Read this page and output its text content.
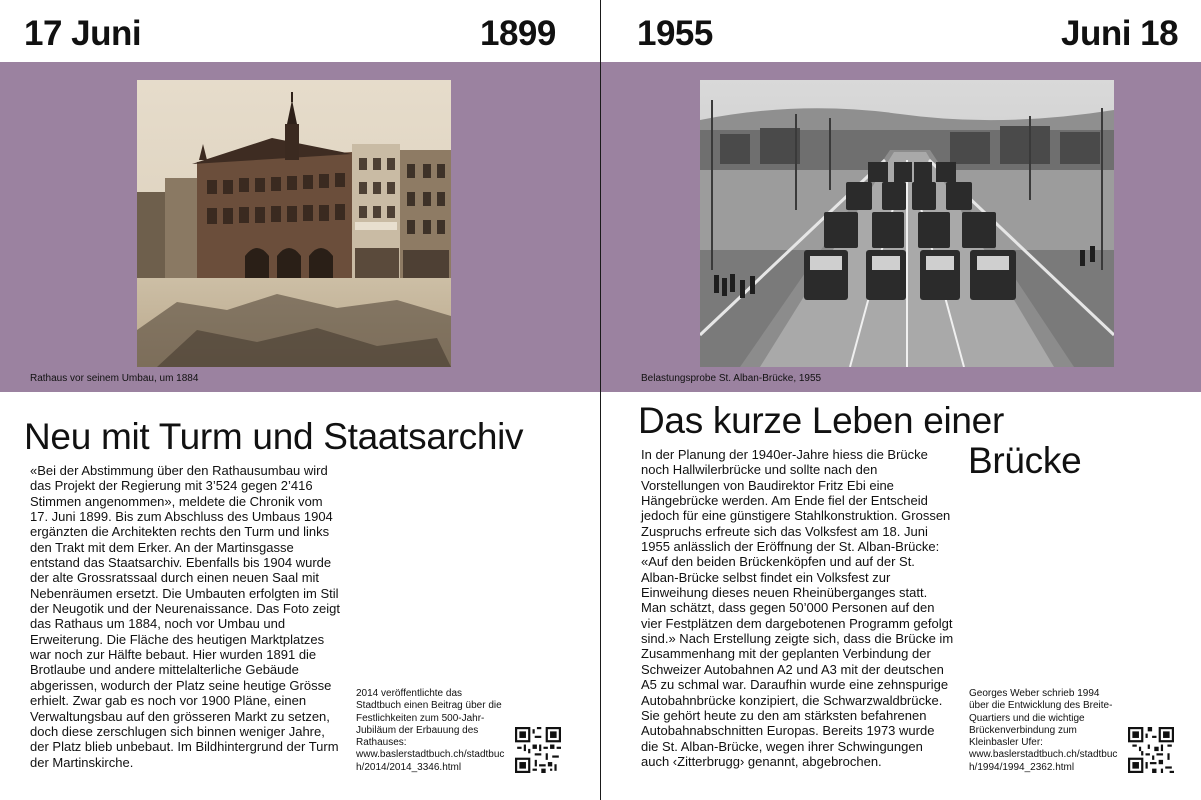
17 Juni	1899
Rathaus vor seinem Umbau, um 1884
Neu mit Turm und Staatsarchiv
«Bei der Abstimmung über den Rathausumbau wird das Projekt der Regierung mit 3’524 gegen 2’416 Stimmen angenommen», meldete die Chronik vom 17. Juni 1899. Bis zum Abschluss des Umbaus 1904 ergänzten die Architekten rechts den Turm und links den Trakt mit dem Erker. An der Martinsgasse entstand das Staatsarchiv. Ebenfalls bis 1904 wurde der alte Grossratssaal durch einen neuen Saal mit Nebenräumen ersetzt. Die Umbauten erfolgten im Stil der Neugotik und der Neurenaissance. Das Foto zeigt das Rathaus um 1884, noch vor Umbau und Erweiterung. Die Fläche des heutigen Marktplatzes war noch zur Hälfte bebaut. Hier wurden 1891 die Brotlaube und andere mittelalterliche Gebäude abgerissen, wodurch der Platz seine heutige Grösse erhielt. Zwar gab es noch vor 1900 Pläne, einen Verwaltungsbau auf den grösseren Markt zu setzen, doch diese zerschlugen sich binnen weniger Jahre, der Platz blieb unbebaut. Im Bildhintergrund der Turm der Martinskirche.
2014 veröffentlichte das Stadtbuch einen Beitrag über die Festlichkeiten zum 500-Jahr-Jubiläum der Erbauung des Rathauses:
www.baslerstadtbuch.ch/stadtbuch/2014/2014_3346.html
1955	Juni 18
Belastungsprobe St. Alban-Brücke, 1955
Das kurze Leben einer
Brücke
In der Planung der 1940er-Jahre hiess die Brücke noch Hallwilerbrücke und sollte nach den Vorstellungen von Baudirektor Fritz Ebi eine Hängebrücke werden. Am Ende fiel der Entscheid jedoch für eine günstigere Stahlkonstruktion. Grossen Zuspruchs erfreute sich das Volksfest am 18. Juni 1955 anlässlich der Eröffnung der St. Alban-Brücke: «Auf den beiden Brückenköpfen und auf der St. Alban-Brücke selbst findet ein Volksfest zur Einweihung dieses neuen Rheinüberganges statt. Man schätzt, dass gegen 50’000 Personen auf den vier Festplätzen dem dargebotenen Programm gefolgt sind.» Nach Erstellung zeigte sich, dass die Brücke im Zusammenhang mit der geplanten Verbindung der Schweizer Autobahnen A2 und A3 mit der deutschen A5 zu schmal war. Daraufhin wurde eine zehnspurige Autobahnbrücke konzipiert, die Schwarzwaldbrücke. Sie gehört heute zu den am stärksten befahrenen Autobahnabschnitten Europas. Bereits 1973 wurde die St. Alban-Brücke, wegen ihrer Schwingungen auch ‹Zitterbrugg› genannt, abgebrochen.
Georges Weber schrieb 1994 über die Entwicklung des Breite-Quartiers und die wichtige Brückenverbindung zum Kleinbasler Ufer:
www.baslerstadtbuch.ch/stadtbuch/1994/1994_2362.html
